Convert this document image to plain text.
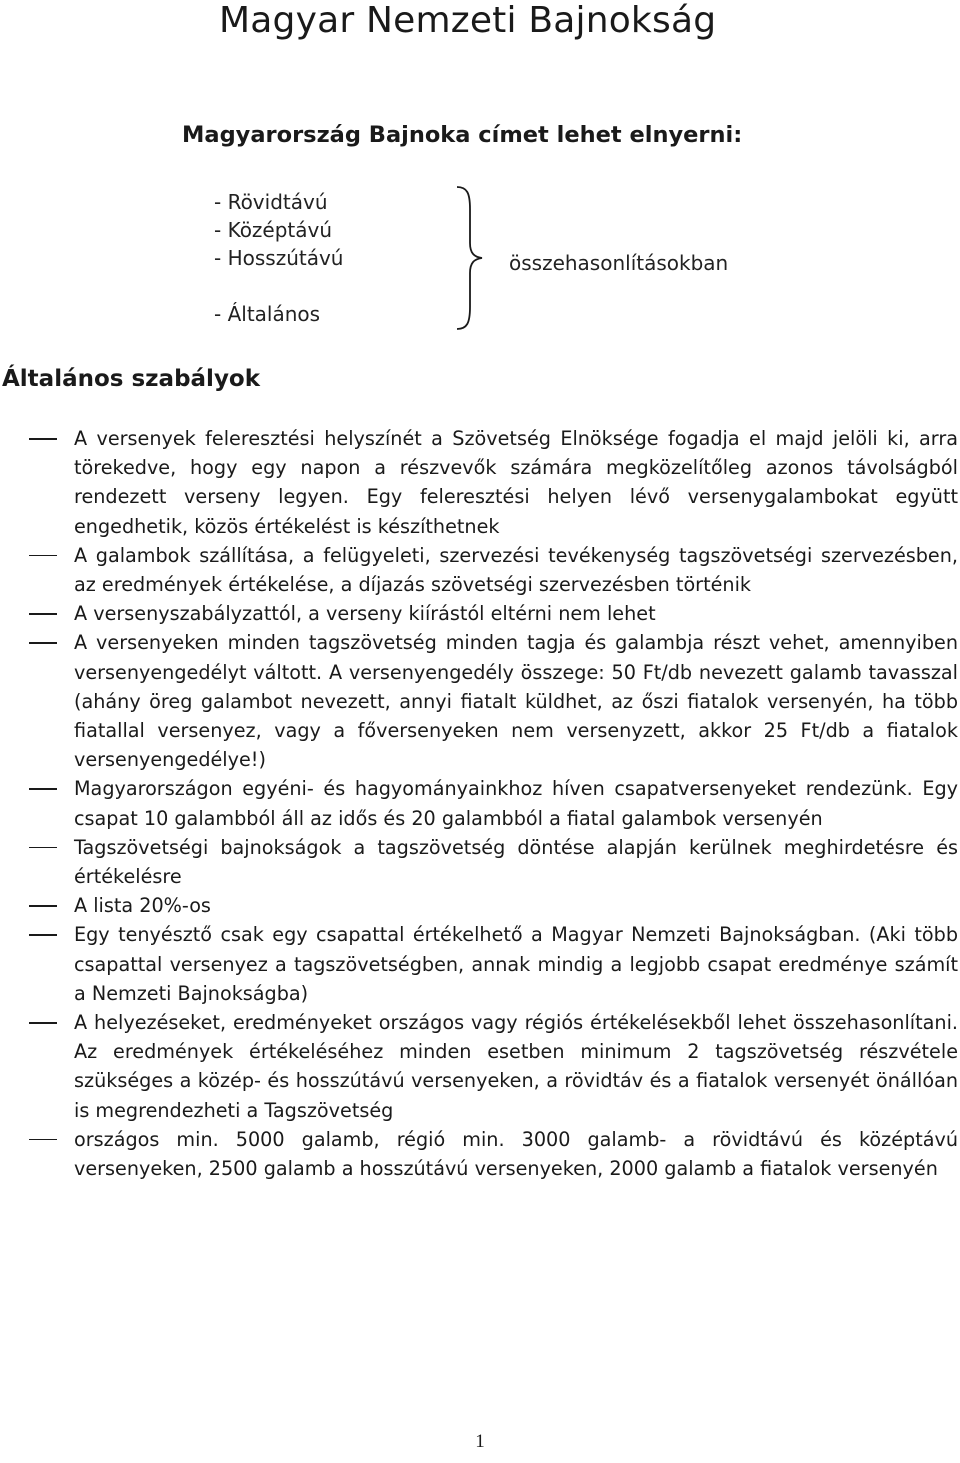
Magyar Nemzeti Bajnokság
Magyarország Bajnoka címet lehet elnyerni:
- Rövidtávú
- Középtávú
- Hosszútávú
- Általános
összehasonlításokban
Általános szabályok
A versenyek feleresztési helyszínét a Szövetség Elnöksége fogadja el majd jelöli ki, arra törekedve, hogy egy napon a részvevők számára megközelítőleg azonos távolságból rendezett verseny legyen. Egy feleresztési helyen lévő versenygalambokat együtt engedhetik, közös értékelést is készíthetnek
A galambok szállítása, a felügyeleti, szervezési tevékenység tagszövetségi szervezésben, az eredmények értékelése, a díjazás szövetségi szervezésben történik
A versenyszabályzattól, a verseny kiírástól eltérni nem lehet
A versenyeken minden tagszövetség minden tagja és galambja részt vehet, amennyiben versenyengedélyt váltott. A versenyengedély összege: 50 Ft/db nevezett galamb tavasszal (ahány öreg galambot nevezett, annyi fiatalt küldhet, az őszi fiatalok versenyén, ha több fiatallal versenyez, vagy a főversenyeken nem versenyzett, akkor 25 Ft/db a fiatalok versenyengedélye!)
Magyarországon egyéni- és hagyományainkhoz híven csapatversenyeket rendezünk. Egy csapat 10 galambból áll az idős és 20 galambból a fiatal galambok versenyén
Tagszövetségi bajnokságok a tagszövetség döntése alapján kerülnek meghirdetésre és értékelésre
A lista 20%-os
Egy tenyésztő csak egy csapattal értékelhető a Magyar Nemzeti Bajnokságban. (Aki több csapattal versenyez a tagszövetségben, annak mindig a legjobb csapat eredménye számít a Nemzeti Bajnokságba)
A helyezéseket, eredményeket országos vagy régiós értékelésekből lehet összehasonlítani. Az eredmények értékeléséhez minden esetben minimum 2 tagszövetség részvétele szükséges a közép- és hosszútávú versenyeken, a rövidtáv és a fiatalok versenyét önállóan is megrendezheti a Tagszövetség
országos min. 5000 galamb, régió min. 3000 galamb- a rövidtávú és középtávú versenyeken, 2500 galamb a hosszútávú versenyeken, 2000 galamb a fiatalok versenyén
1
